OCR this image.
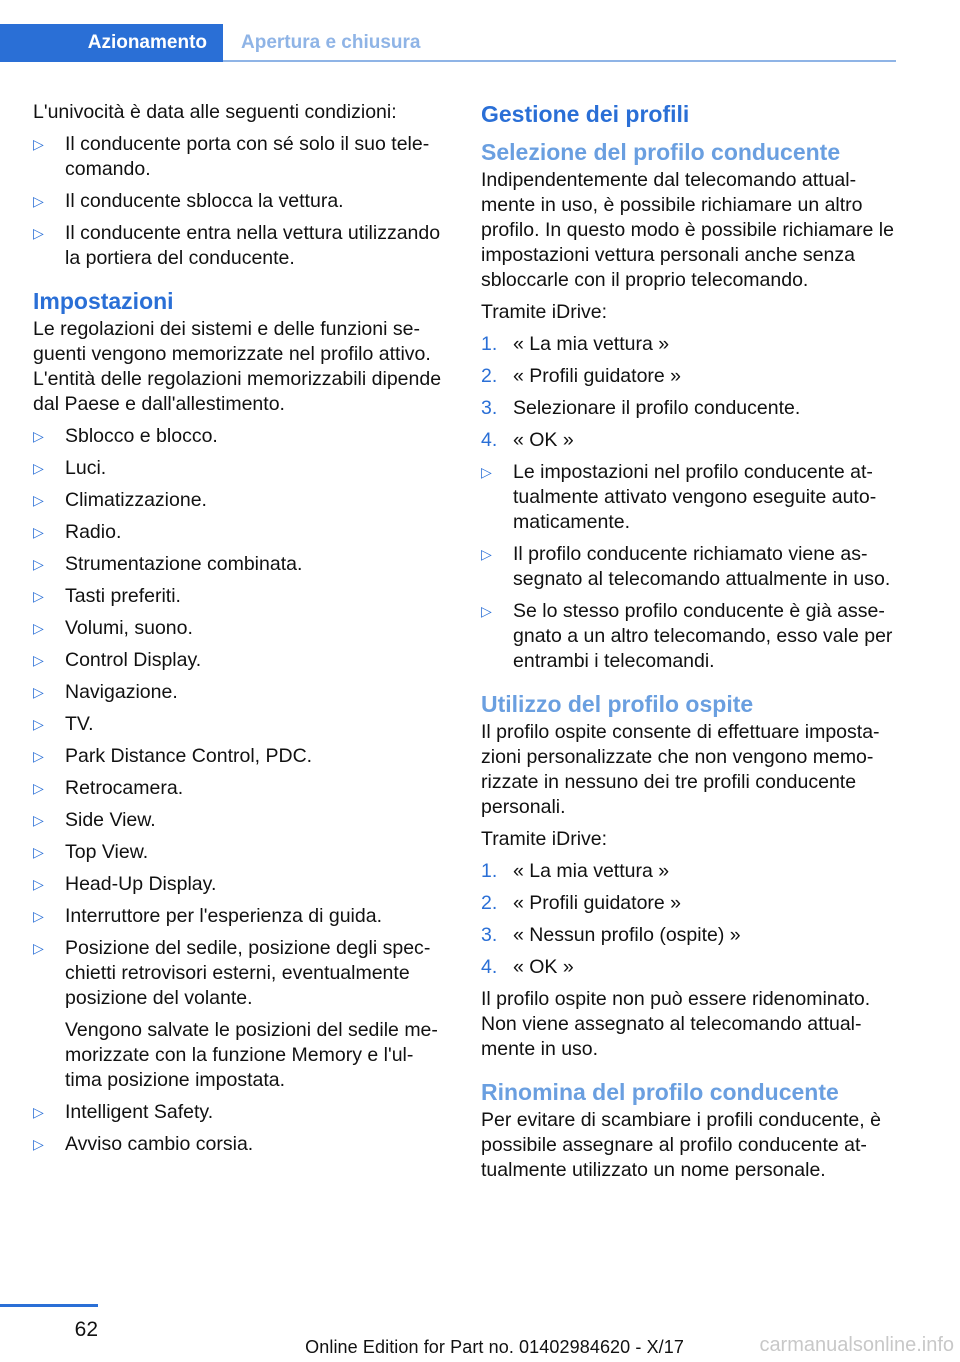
Azionamento	Apertura e chiusura

L'univocità è data alle seguenti condizioni:

▷	Il conducente porta con sé solo il suo telecomando.
▷	Il conducente sblocca la vettura.
▷	Il conducente entra nella vettura utilizzando la portiera del conducente.
Impostazioni

Le regolazioni dei sistemi e delle funzioni seguenti vengono memorizzate nel profilo attivo. L'entità delle regolazioni memorizzabili dipende dal Paese e dall'allestimento.

▷	Sblocco e blocco.
▷	Luci.
▷	Climatizzazione.
▷	Radio.
▷	Strumentazione combinata.
▷	Tasti preferiti.
▷	Volumi, suono.
▷	Control Display.
▷	Navigazione.
▷	TV.
▷	Park Distance Control, PDC.
▷	Retrocamera.
▷	Side View.
▷	Top View.
▷	Head-Up Display.
▷	Interruttore per l'esperienza di guida.
▷	Posizione del sedile, posizione degli specchietti retrovisori esterni, eventualmente posizione del volante.
Vengono salvate le posizioni del sedile memorizzate con la funzione Memory e l'ultima posizione impostata.
▷	Intelligent Safety.
▷	Avviso cambio corsia.
Gestione dei profili
Selezione del profilo conducente

Indipendentemente dal telecomando attualmente in uso, è possibile richiamare un altro profilo. In questo modo è possibile richiamare le impostazioni vettura personali anche senza sbloccarle con il proprio telecomando.

Tramite iDrive:

1. « La mia vettura »
2. « Profili guidatore »
3. Selezionare il profilo conducente.
4. « OK »
▷	Le impostazioni nel profilo conducente attualmente attivato vengono eseguite automaticamente.
▷	Il profilo conducente richiamato viene assegnato al telecomando attualmente in uso.
▷	Se lo stesso profilo conducente è già assegnato a un altro telecomando, esso vale per entrambi i telecomandi.
Utilizzo del profilo ospite

Il profilo ospite consente di effettuare impostazioni personalizzate che non vengono memorizzate in nessuno dei tre profili conducente personali.

Tramite iDrive:

1. « La mia vettura »
2. « Profili guidatore »
3. « Nessun profilo (ospite) »
4. « OK »

Il profilo ospite non può essere ridenominato. Non viene assegnato al telecomando attualmente in uso.

Rinomina del profilo conducente

Per evitare di scambiare i profili conducente, è possibile assegnare al profilo conducente attualmente utilizzato un nome personale.

62
carmanualsonline.info
Online Edition for Part no. 01402984620 - X/17
